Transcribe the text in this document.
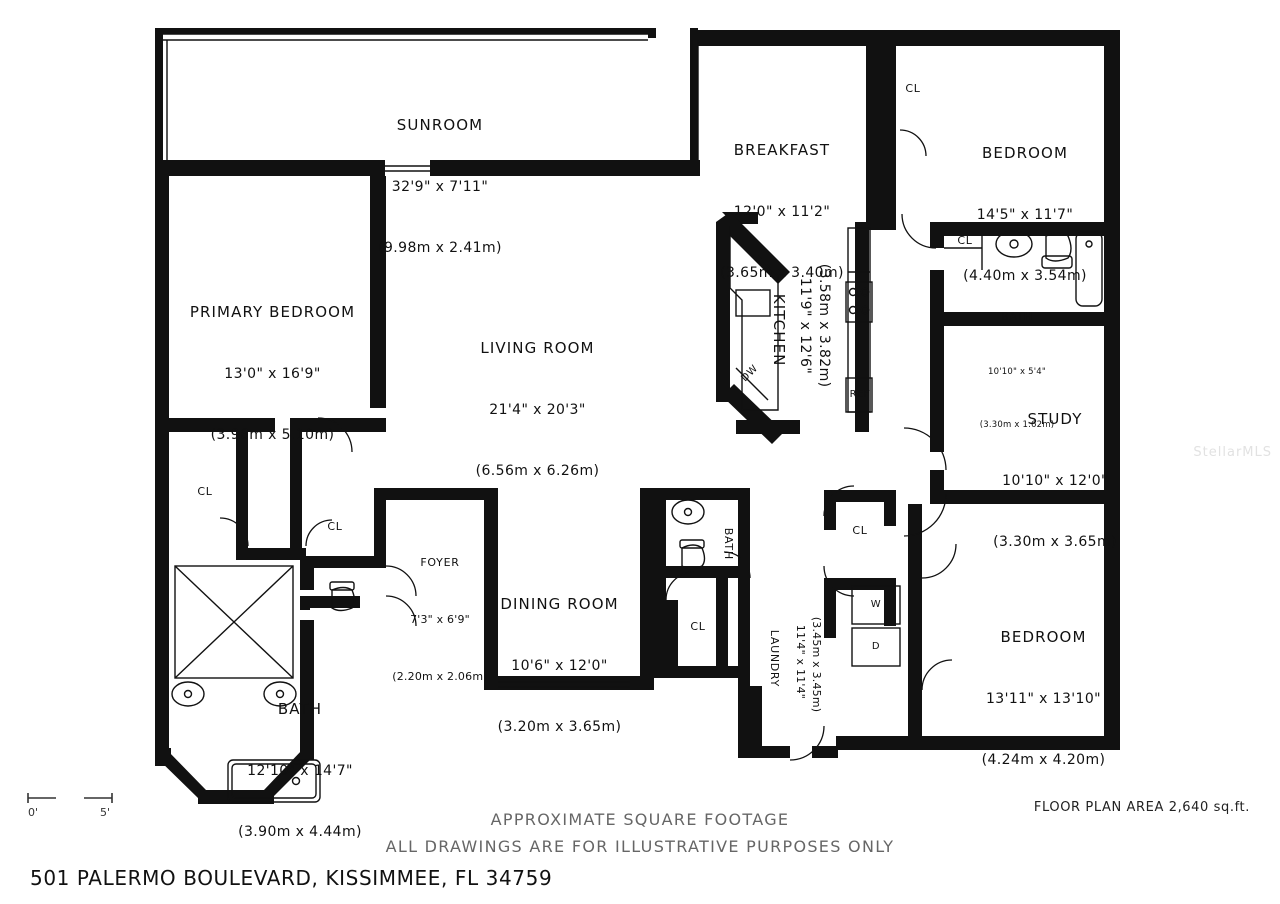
SUNROOM

32'9" x 7'11"

(9.98m x 2.41m)

BREAKFAST

12'0" x 11'2"

(3.65m x 3.40m)

BEDROOM

14'5" x 11'7"

(4.40m x 3.54m)

PRIMARY BEDROOM

13'0" x 16'9"

(3.96m x 5.10m)

LIVING ROOM

21'4" x 20'3"

(6.56m x 6.26m)

KITCHEN 11'9" x 12'6" (3.58m x 3.82m)

	BATH

10'10" x 5'4"

(3.30m x 1.62m)

STUDY

10'10" x 12'0"

(3.30m x 3.65m)

FOYER

7'3" x 6'9"

(2.20m x 2.06m)

DINING ROOM

10'6" x 12'0"

(3.20m x 3.65m)

BATH

BEDROOM

13'11" x 13'10"

(4.24m x 4.20m)

LAUNDRY	11'4" x 11'4" (3.45m x 3.45m)

BATH

12'10" x 14'7"

(3.90m x 4.44m)

CL
CL
CL
CL	CL
CL
DW
REF
W
D
0'	5'	FLOOR PLAN AREA 2,640 sq.ft.
StellarMLS
APPROXIMATE SQUARE FOOTAGE
ALL DRAWINGS ARE FOR ILLUSTRATIVE PURPOSES ONLY
501 PALERMO BOULEVARD, KISSIMMEE, FL 34759
